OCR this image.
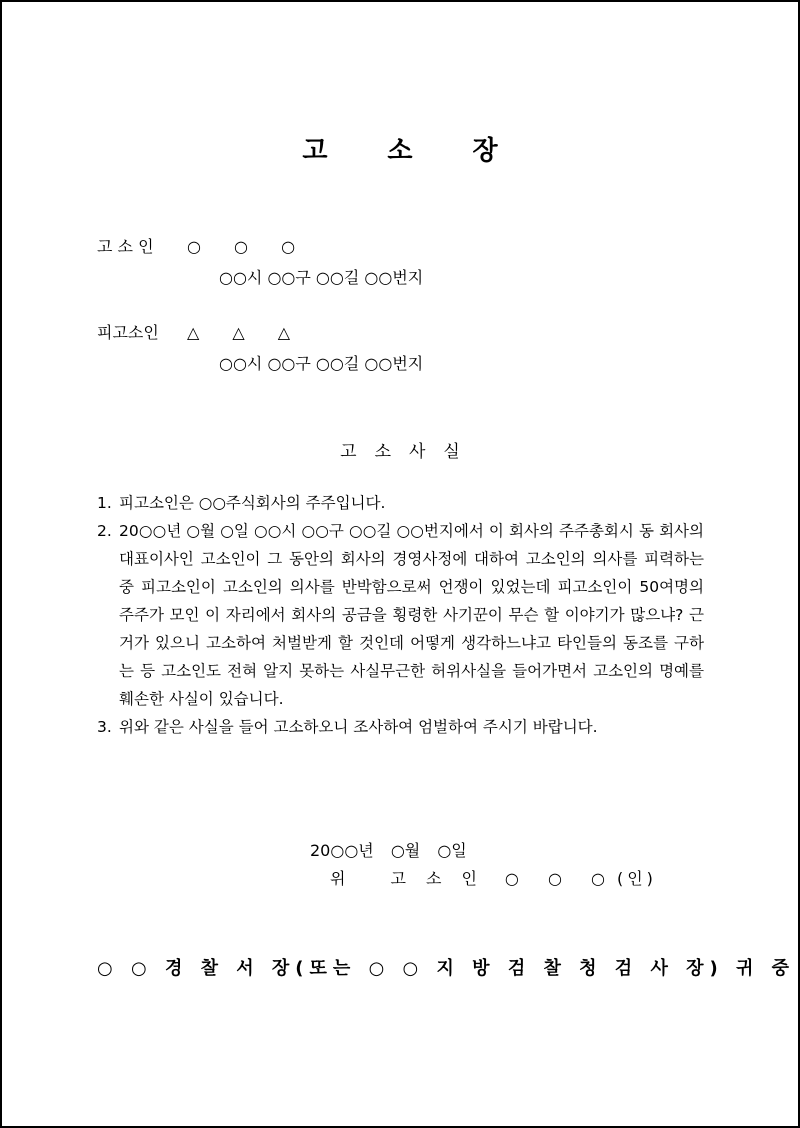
고소장
고 소 인 ○ ○ ○
○○시 ○○구 ○○길 ○○번지
피고소인 △ △ △
○○시 ○○구 ○○길 ○○번지
고소사실
1. 피고소인은 ○○주식회사의 주주입니다.
2. 20○○년 ○월 ○일 ○○시 ○○구 ○○길 ○○번지에서 이 회사의 주주총회시 동 회사의 대표이사인 고소인이 그 동안의 회사의 경영사정에 대하여 고소인의 의사를 피력하는 중 피고소인이 고소인의 의사를 반박함으로써 언쟁이 있었는데 피고소인이 50여명의 주주가 모인 이 자리에서 회사의 공금을 횡령한 사기꾼이 무슨 할 이야기가 많으냐? 근거가 있으니 고소하여 처벌받게 할 것인데 어떻게 생각하느냐고 타인들의 동조를 구하는 등 고소인도 전혀 알지 못하는 사실무근한 허위사실을 들어가면서 고소인의 명예를 훼손한 사실이 있습니다.
3. 위와 같은 사실을 들어 고소하오니 조사하여 엄벌하여 주시기 바랍니다.
20○○년 ○월 ○일
위 고소인 ○ ○ ○(인)
○ ○ 경 찰 서 장(또는 ○ ○ 지 방 검 찰 청 검 사 장) 귀 중
